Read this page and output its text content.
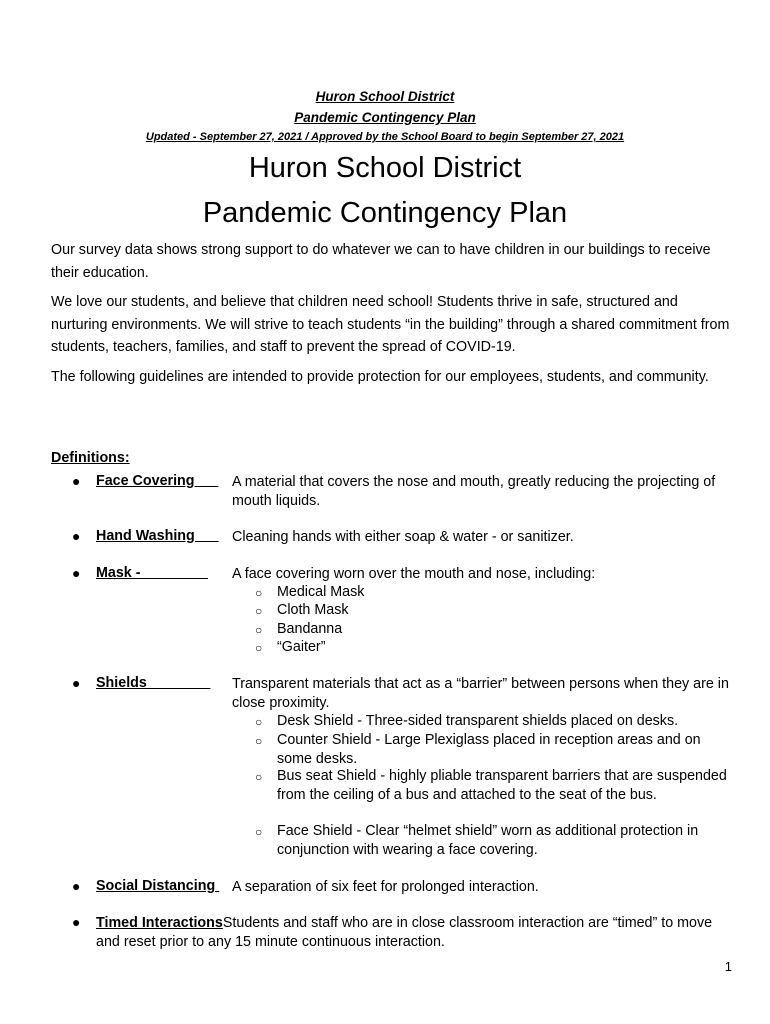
Huron School District
Pandemic Contingency Plan
Updated - September 27, 2021 / Approved by the School Board to begin September 27, 2021
Huron School District
Pandemic Contingency Plan
Our survey data shows strong support to do whatever we can to have children in our buildings to receive their education.
We love our students, and believe that children need school! Students thrive in safe, structured and nurturing environments. We will strive to teach students “in the building” through a shared commitment from students, teachers, families, and staff to prevent the spread of COVID-19.
The following guidelines are intended to provide protection for our employees, students, and community.
Definitions:
● Face Covering A material that covers the nose and mouth, greatly reducing the projecting of mouth liquids.
● Hand Washing Cleaning hands with either soap & water - or sanitizer.
● Mask - A face covering worn over the mouth and nose, including:
○ Medical Mask
○ Cloth Mask
○ Bandanna
○ “Gaiter”
● Shields Transparent materials that act as a “barrier” between persons when they are in close proximity.
○ Desk Shield - Three-sided transparent shields placed on desks.
○ Counter Shield - Large Plexiglass placed in reception areas and on some desks.
○ Bus seat Shield - highly pliable transparent barriers that are suspended from the ceiling of a bus and attached to the seat of the bus.
○ Face Shield - Clear “helmet shield” worn as additional protection in conjunction with wearing a face covering.
● Social Distancing A separation of six feet for prolonged interaction.
● Timed InteractionsStudents and staff who are in close classroom interaction are “timed” to move and reset prior to any 15 minute continuous interaction.
1
